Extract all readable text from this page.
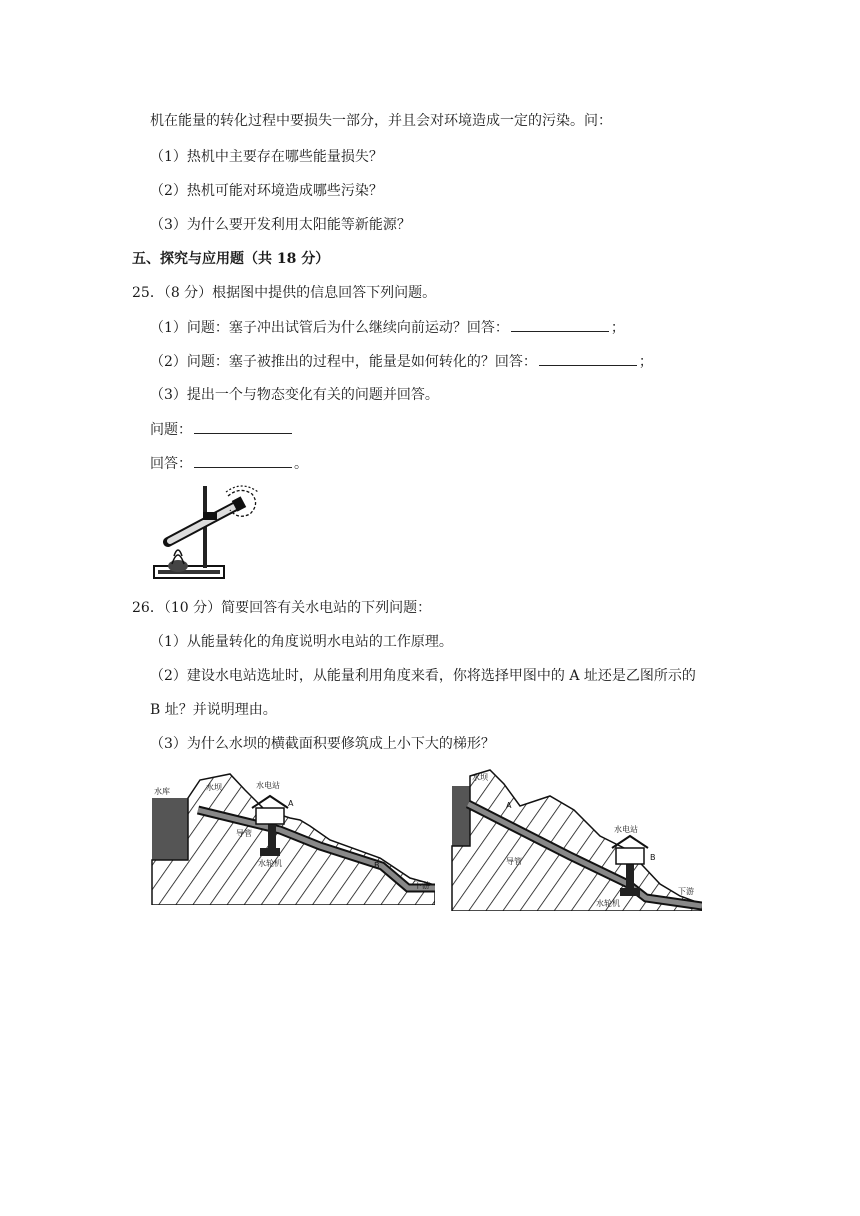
机在能量的转化过程中要损失一部分，并且会对环境造成一定的污染。问：
（1）热机中主要存在哪些能量损失？
（2）热机可能对环境造成哪些污染？
（3）为什么要开发利用太阳能等新能源？
五、探究与应用题（共 18 分）
25．（8 分）根据图中提供的信息回答下列问题。
（1）问题：塞子冲出试管后为什么继续向前运动？回答：	；
（2）问题：塞子被推出的过程中，能量是如何转化的？回答：	；
（3）提出一个与物态变化有关的问题并回答。
问题：
回答：	。
26．（10 分）简要回答有关水电站的下列问题：
（1）从能量转化的角度说明水电站的工作原理。
（2）建设水电站选址时，从能量利用角度来看，你将选择甲图中的 A 址还是乙图所示的
B 址？并说明理由。
（3）为什么水坝的横截面积要修筑成上小下大的梯形？
水库	水坝	水电站
A
导管
水轮机	B
下游
水坝
A
水电站
B
导管
水轮机
下游
